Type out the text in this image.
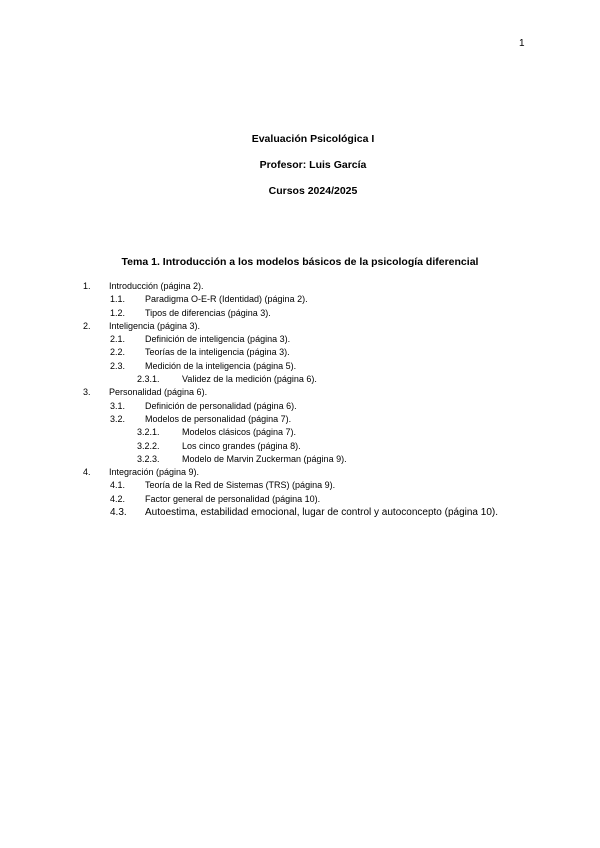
1
Evaluación Psicológica I
Profesor: Luis García
Cursos 2024/2025
Tema 1. Introducción a los modelos básicos de la psicología diferencial
1. Introducción (página 2).
1.1. Paradigma O-E-R (Identidad) (página 2).
1.2. Tipos de diferencias (página 3).
2. Inteligencia (página 3).
2.1. Definición de inteligencia (página 3).
2.2. Teorías de la inteligencia (página 3).
2.3. Medición de la inteligencia (página 5).
2.3.1. Validez de la medición (página 6).
3. Personalidad (página 6).
3.1. Definición de personalidad (página 6).
3.2. Modelos de personalidad (página 7).
3.2.1. Modelos clásicos (página 7).
3.2.2. Los cinco grandes (página 8).
3.2.3. Modelo de Marvin Zuckerman (página 9).
4. Integración (página 9).
4.1. Teoría de la Red de Sistemas (TRS) (página 9).
4.2. Factor general de personalidad (página 10).
4.3. Autoestima, estabilidad emocional, lugar de control y autoconcepto (página 10).
